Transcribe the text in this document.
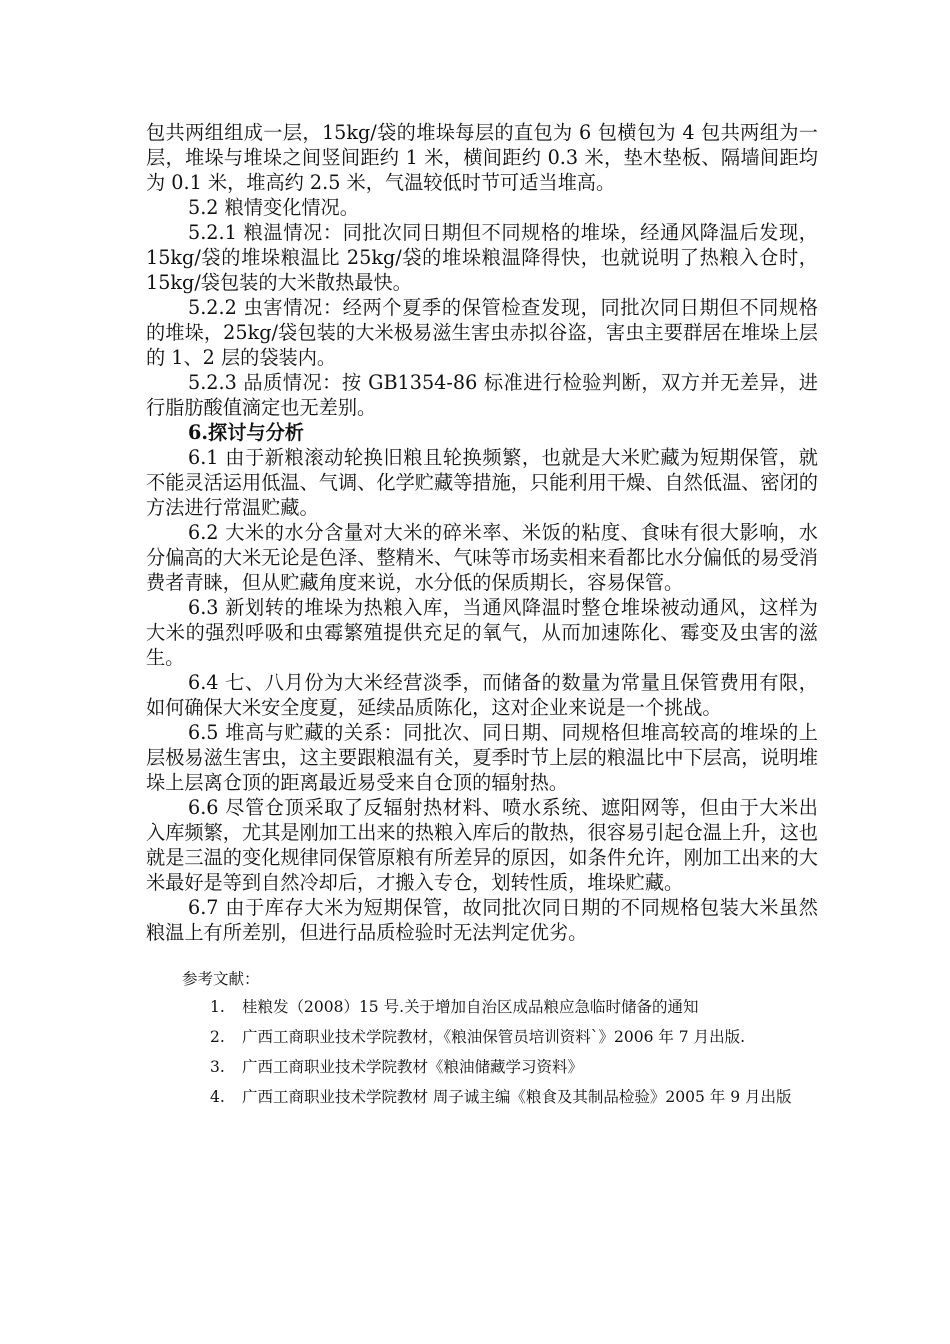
包共两组组成一层，15kg/袋的堆垛每层的直包为 6 包横包为 4 包共两组为一层，堆垛与堆垛之间竖间距约 1 米，横间距约 0.3 米，垫木垫板、隔墙间距均为 0.1 米，堆高约 2.5 米，气温较低时节可适当堆高。

5.2 粮情变化情况。

5.2.1 粮温情况：同批次同日期但不同规格的堆垛，经通风降温后发现，15kg/袋的堆垛粮温比 25kg/袋的堆垛粮温降得快，也就说明了热粮入仓时，15kg/袋包装的大米散热最快。

5.2.2 虫害情况：经两个夏季的保管检查发现，同批次同日期但不同规格的堆垛，25kg/袋包装的大米极易滋生害虫赤拟谷盗，害虫主要群居在堆垛上层的 1、2 层的袋装内。

5.2.3 品质情况：按 GB1354-86 标准进行检验判断，双方并无差异，进行脂肪酸值滴定也无差别。

6.探讨与分析

6.1 由于新粮滚动轮换旧粮且轮换频繁，也就是大米贮藏为短期保管，就不能灵活运用低温、气调、化学贮藏等措施，只能利用干燥、自然低温、密闭的方法进行常温贮藏。

6.2 大米的水分含量对大米的碎米率、米饭的粘度、食味有很大影响，水分偏高的大米无论是色泽、整精米、气味等市场卖相来看都比水分偏低的易受消费者青睐，但从贮藏角度来说，水分低的保质期长，容易保管。

6.3 新划转的堆垛为热粮入库，当通风降温时整仓堆垛被动通风，这样为大米的强烈呼吸和虫霉繁殖提供充足的氧气，从而加速陈化、霉变及虫害的滋生。

6.4 七、八月份为大米经营淡季，而储备的数量为常量且保管费用有限，如何确保大米安全度夏，延续品质陈化，这对企业来说是一个挑战。

6.5 堆高与贮藏的关系：同批次、同日期、同规格但堆高较高的堆垛的上层极易滋生害虫，这主要跟粮温有关，夏季时节上层的粮温比中下层高，说明堆垛上层离仓顶的距离最近易受来自仓顶的辐射热。

6.6 尽管仓顶采取了反辐射热材料、喷水系统、遮阳网等，但由于大米出入库频繁，尤其是刚加工出来的热粮入库后的散热，很容易引起仓温上升，这也就是三温的变化规律同保管原粮有所差异的原因，如条件允许，刚加工出来的大米最好是等到自然冷却后，才搬入专仓，划转性质，堆垛贮藏。

6.7 由于库存大米为短期保管，故同批次同日期的不同规格包装大米虽然粮温上有所差别，但进行品质检验时无法判定优劣。

参考文献：

1. 桂粮发（2008）15 号.关于增加自治区成品粮应急临时储备的通知

2. 广西工商职业技术学院教材，《粮油保管员培训资料`》2006 年 7 月出版.

3. 广西工商职业技术学院教材《粮油储藏学习资料》

4. 广西工商职业技术学院教材 周子诚主编《粮食及其制品检验》2005 年 9 月出版
